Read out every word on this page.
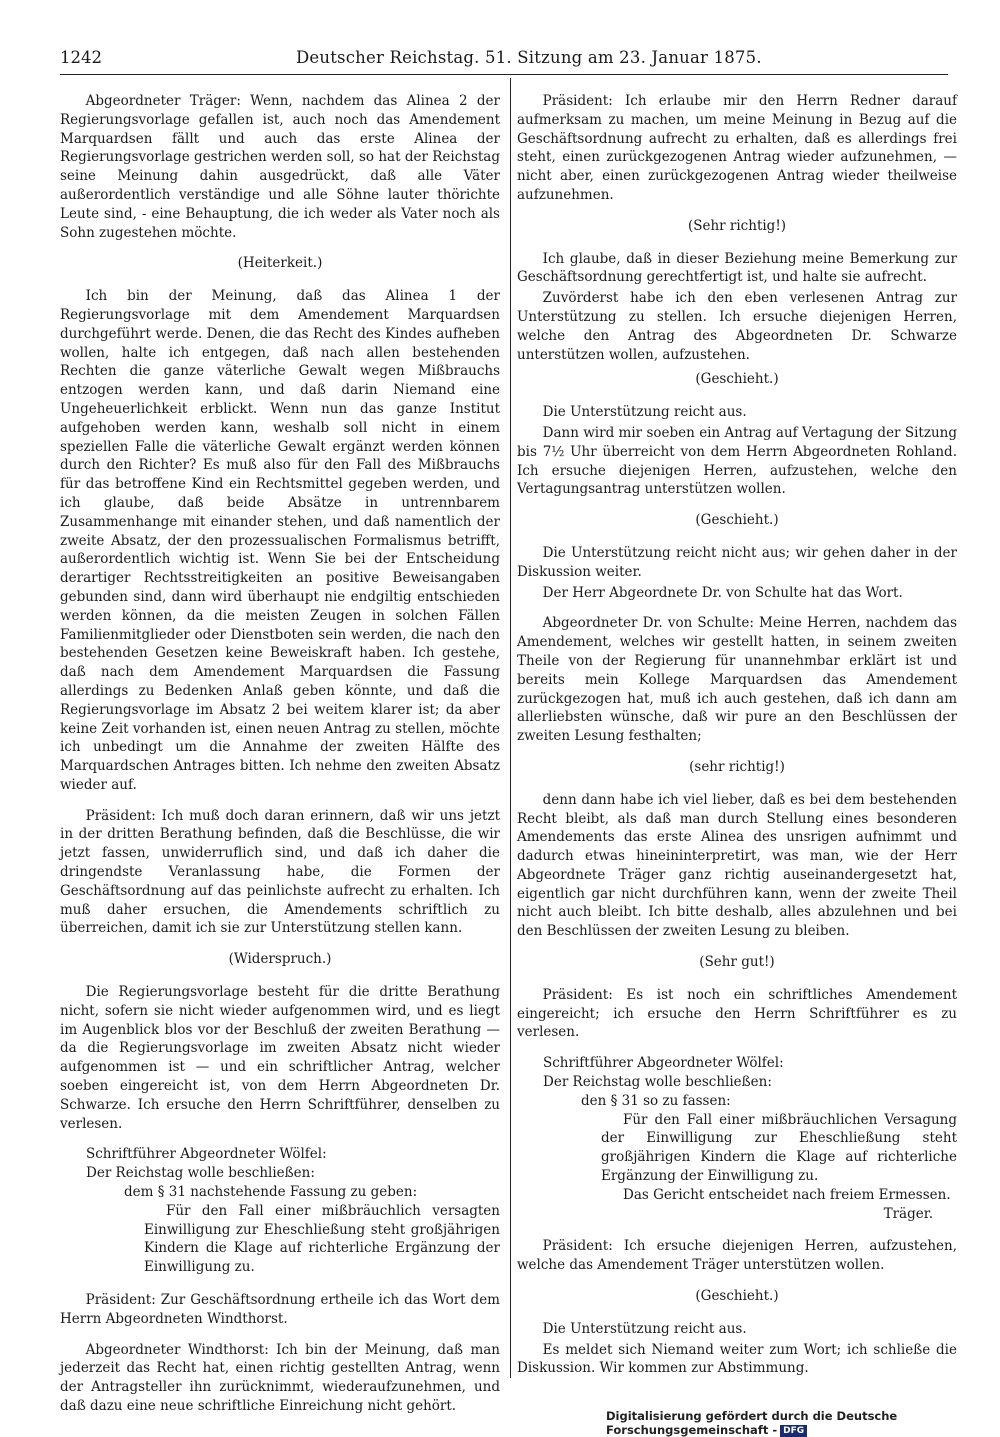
1242	Deutscher Reichstag. 51. Sitzung am 23. Januar 1875.

Abgeordneter Träger: Wenn, nachdem das Alinea 2 der Regierungsvorlage gefallen ist, auch noch das Amendement Marquardsen fällt und auch das erste Alinea der Regierungsvorlage gestrichen werden soll, so hat der Reichstag seine Meinung dahin ausgedrückt, daß alle Väter außerordentlich verständige und alle Söhne lauter thörichte Leute sind, - eine Behauptung, die ich weder als Vater noch als Sohn zugestehen möchte.

(Heiterkeit.)

Ich bin der Meinung, daß das Alinea 1 der Regierungsvorlage mit dem Amendement Marquardsen durchgeführt werde. Denen, die das Recht des Kindes aufheben wollen, halte ich entgegen, daß nach allen bestehenden Rechten die ganze väterliche Gewalt wegen Mißbrauchs entzogen werden kann, und daß darin Niemand eine Ungeheuerlichkeit erblickt. Wenn nun das ganze Institut aufgehoben werden kann, weshalb soll nicht in einem speziellen Falle die väterliche Gewalt ergänzt werden können durch den Richter? Es muß also für den Fall des Mißbrauchs für das betroffene Kind ein Rechtsmittel gegeben werden, und ich glaube, daß beide Absätze in untrennbarem Zusammenhange mit einander stehen, und daß namentlich der zweite Absatz, der den prozessualischen Formalismus betrifft, außerordentlich wichtig ist. Wenn Sie bei der Entscheidung derartiger Rechtsstreitigkeiten an positive Beweisangaben gebunden sind, dann wird überhaupt nie endgiltig entschieden werden können, da die meisten Zeugen in solchen Fällen Familienmitglieder oder Dienstboten sein werden, die nach den bestehenden Gesetzen keine Beweiskraft haben. Ich gestehe, daß nach dem Amendement Marquardsen die Fassung allerdings zu Bedenken Anlaß geben könnte, und daß die Regierungsvorlage im Absatz 2 bei weitem klarer ist; da aber keine Zeit vorhanden ist, einen neuen Antrag zu stellen, möchte ich unbedingt um die Annahme der zweiten Hälfte des Marquardschen Antrages bitten. Ich nehme den zweiten Absatz wieder auf.

Präsident: Ich muß doch daran erinnern, daß wir uns jetzt in der dritten Berathung befinden, daß die Beschlüsse, die wir jetzt fassen, unwiderruflich sind, und daß ich daher die dringendste Veranlassung habe, die Formen der Geschäftsordnung auf das peinlichste aufrecht zu erhalten. Ich muß daher ersuchen, die Amendements schriftlich zu überreichen, damit ich sie zur Unterstützung stellen kann.

(Widerspruch.)

Die Regierungsvorlage besteht für die dritte Berathung nicht, sofern sie nicht wieder aufgenommen wird, und es liegt im Augenblick blos vor der Beschluß der zweiten Berathung — da die Regierungsvorlage im zweiten Absatz nicht wieder aufgenommen ist — und ein schriftlicher Antrag, welcher soeben eingereicht ist, von dem Herrn Abgeordneten Dr. Schwarze. Ich ersuche den Herrn Schriftführer, denselben zu verlesen.

Schriftführer Abgeordneter Wölfel:
Der Reichstag wolle beschließen:
dem § 31 nachstehende Fassung zu geben:
Für den Fall einer mißbräuchlich versagten Einwilligung zur Eheschließung steht großjährigen Kindern die Klage auf richterliche Ergänzung der Einwilligung zu.

Präsident: Zur Geschäftsordnung ertheile ich das Wort dem Herrn Abgeordneten Windthorst.

Abgeordneter Windthorst: Ich bin der Meinung, daß man jederzeit das Recht hat, einen richtig gestellten Antrag, wenn der Antragsteller ihn zurücknimmt, wiederaufzunehmen, und daß dazu eine neue schriftliche Einreichung nicht gehört.

Präsident: Ich erlaube mir den Herrn Redner darauf aufmerksam zu machen, um meine Meinung in Bezug auf die Geschäftsordnung aufrecht zu erhalten, daß es allerdings frei steht, einen zurückgezogenen Antrag wieder aufzunehmen, — nicht aber, einen zurückgezogenen Antrag wieder theilweise aufzunehmen.

(Sehr richtig!)

Ich glaube, daß in dieser Beziehung meine Bemerkung zur Geschäftsordnung gerechtfertigt ist, und halte sie aufrecht.

Zuvörderst habe ich den eben verlesenen Antrag zur Unterstützung zu stellen. Ich ersuche diejenigen Herren, welche den Antrag des Abgeordneten Dr. Schwarze unterstützen wollen, aufzustehen.

(Geschieht.)

Die Unterstützung reicht aus.

Dann wird mir soeben ein Antrag auf Vertagung der Sitzung bis 7½ Uhr überreicht von dem Herrn Abgeordneten Rohland. Ich ersuche diejenigen Herren, aufzustehen, welche den Vertagungsantrag unterstützen wollen.

(Geschieht.)

Die Unterstützung reicht nicht aus; wir gehen daher in der Diskussion weiter.

Der Herr Abgeordnete Dr. von Schulte hat das Wort.

Abgeordneter Dr. von Schulte: Meine Herren, nachdem das Amendement, welches wir gestellt hatten, in seinem zweiten Theile von der Regierung für unannehmbar erklärt ist und bereits mein Kollege Marquardsen das Amendement zurückgezogen hat, muß ich auch gestehen, daß ich dann am allerliebsten wünsche, daß wir pure an den Beschlüssen der zweiten Lesung festhalten;

(sehr richtig!)

denn dann habe ich viel lieber, daß es bei dem bestehenden Recht bleibt, als daß man durch Stellung eines besonderen Amendements das erste Alinea des unsrigen aufnimmt und dadurch etwas hineininterpretirt, was man, wie der Herr Abgeordnete Träger ganz richtig auseinandergesetzt hat, eigentlich gar nicht durchführen kann, wenn der zweite Theil nicht auch bleibt. Ich bitte deshalb, alles abzulehnen und bei den Beschlüssen der zweiten Lesung zu bleiben.

(Sehr gut!)

Präsident: Es ist noch ein schriftliches Amendement eingereicht; ich ersuche den Herrn Schriftführer es zu verlesen.

Schriftführer Abgeordneter Wölfel:
Der Reichstag wolle beschließen:
den § 31 so zu fassen:
Für den Fall einer mißbräuchlichen Versagung der Einwilligung zur Eheschließung steht großjährigen Kindern die Klage auf richterliche Ergänzung der Einwilligung zu.
Das Gericht entscheidet nach freiem Ermessen.
Träger.

Präsident: Ich ersuche diejenigen Herren, aufzustehen, welche das Amendement Träger unterstützen wollen.

(Geschieht.)

Die Unterstützung reicht aus.

Es meldet sich Niemand weiter zum Wort; ich schließe die Diskussion. Wir kommen zur Abstimmung.

Digitalisierung gefördert durch die Deutsche Forschungsgemeinschaft - DFG
